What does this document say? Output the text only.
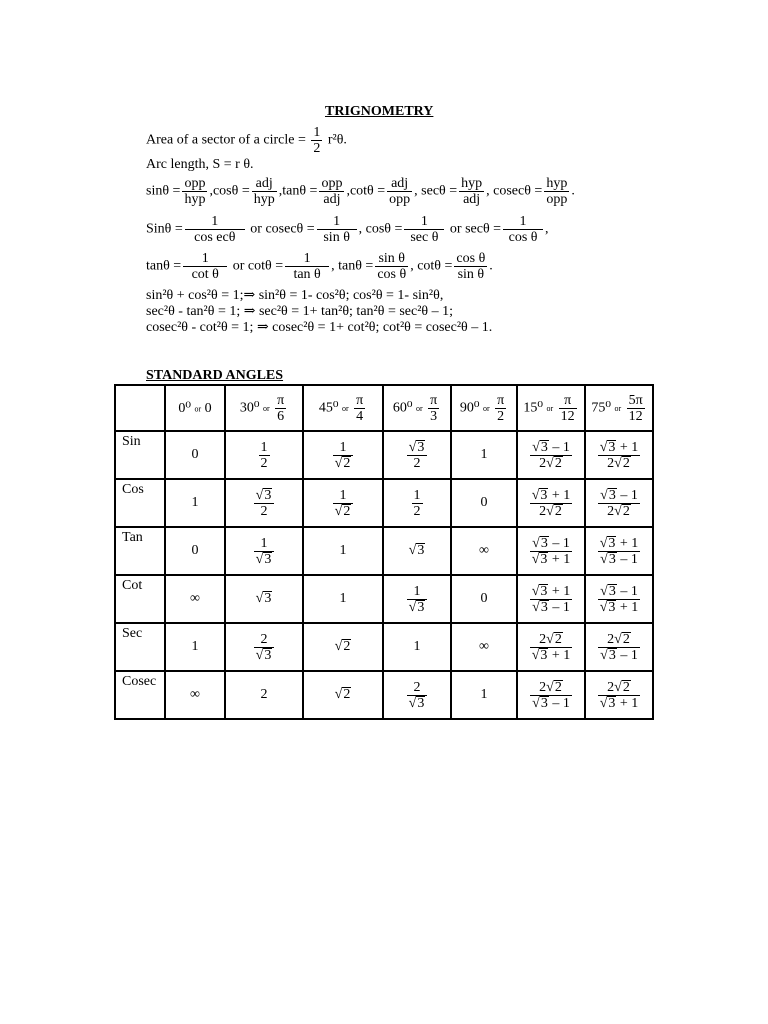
TRIGNOMETRY
Area of a sector of a circle = $\frac{1}{2} r^2\theta$.
Arc length, S = r θ.
sinθ =
opp
hyp
,cosθ =
adj
hyp
,tanθ =
opp
adj
,cotθ =
adj
opp
, secθ =
hyp
adj
, cosecθ =
hyp
opp
.
Sinθ =
1
cos ecθ
or $cosec\theta = \frac{1}{\text{sin θ}}$ , cosθ =
1
sec θ
or $\sec\theta = \frac{1}{\text{cos θ}}$ ,
$\tan\theta = \frac{1}{\text{cot θ}}$ or $\cot\theta = \frac{1}{\text{tan θ}}$ , $\tan\theta = \frac{\text{sin θ}}{\text{cos θ}}$ , $\cot\theta = \frac{\text{cos θ}}{\text{sin θ}}$ .
sin²θ + cos²θ = 1;⇒ sin²θ = 1- cos²θ; cos²θ = 1- sin²θ,
sec²θ - tan²θ = 1; ⇒ sec²θ = 1+ tan²θ; tan²θ = sec²θ – 1;
cosec²θ - cot²θ = 1; ⇒ cosec²θ = 1+ cot²θ; cot²θ = cosec²θ – 1.
STANDARD ANGLES
	0⁰ or 0	30⁰ or $\frac{\pi}{6}$	45⁰ or $\frac{\pi}{4}$	60⁰ or $\frac{\pi}{3}$	90⁰ or $\frac{\pi}{2}$	15⁰ or $\frac{\pi}{12}$	75⁰ or $\frac{5\pi}{12}$

Sin	0	$\frac{1}{2}$	$\frac{1}{√2}$	$\frac{√3}{2}$	1	$\frac{√3 - 1}{2√2}$	$\frac{√3 + 1}{2√2}$

Cos	1	$\frac{√3}{2}$	$\frac{1}{√2}$	$\frac{1}{2}$	0	$\frac{√3 + 1}{2√2}$	$\frac{√3 - 1}{2√2}$

Tan	0	$\frac{1}{√3}$	1	√3	∞	$\frac{√3 - 1}{√3 + 1}$	$\frac{√3 + 1}{√3 - 1}$

Cot	∞	√3	1	$\frac{1}{√3}$	0	$\frac{√3 + 1}{√3 - 1}$	$\frac{√3 - 1}{√3 + 1}$

Sec	1	$\frac{2}{√3}$	√2	1	∞	$\frac{2√2}{√3 + 1}$	$\frac{2√2}{√3 - 1}$

Cosec	∞	2	√2	$\frac{2}{√3}$	1	$\frac{2√2}{√3 - 1}$	$\frac{2√2}{√3 + 1}$
